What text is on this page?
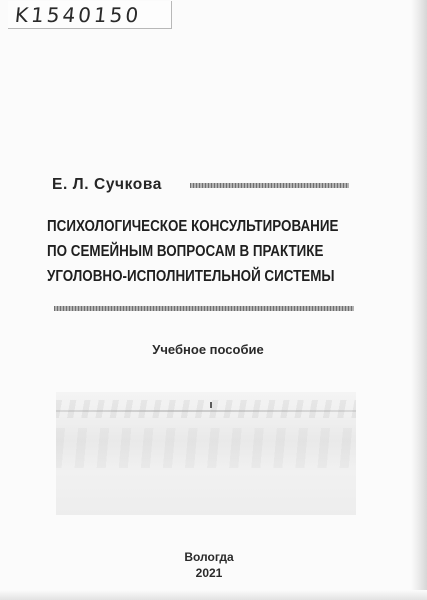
K1540150
Е. Л. Сучкова
ПСИХОЛОГИЧЕСКОЕ КОНСУЛЬТИРОВАНИЕ
ПО СЕМЕЙНЫМ ВОПРОСАМ В ПРАКТИКЕ
УГОЛОВНО-ИСПОЛНИТЕЛЬНОЙ СИСТЕМЫ
Учебное пособие
Вологда
2021
